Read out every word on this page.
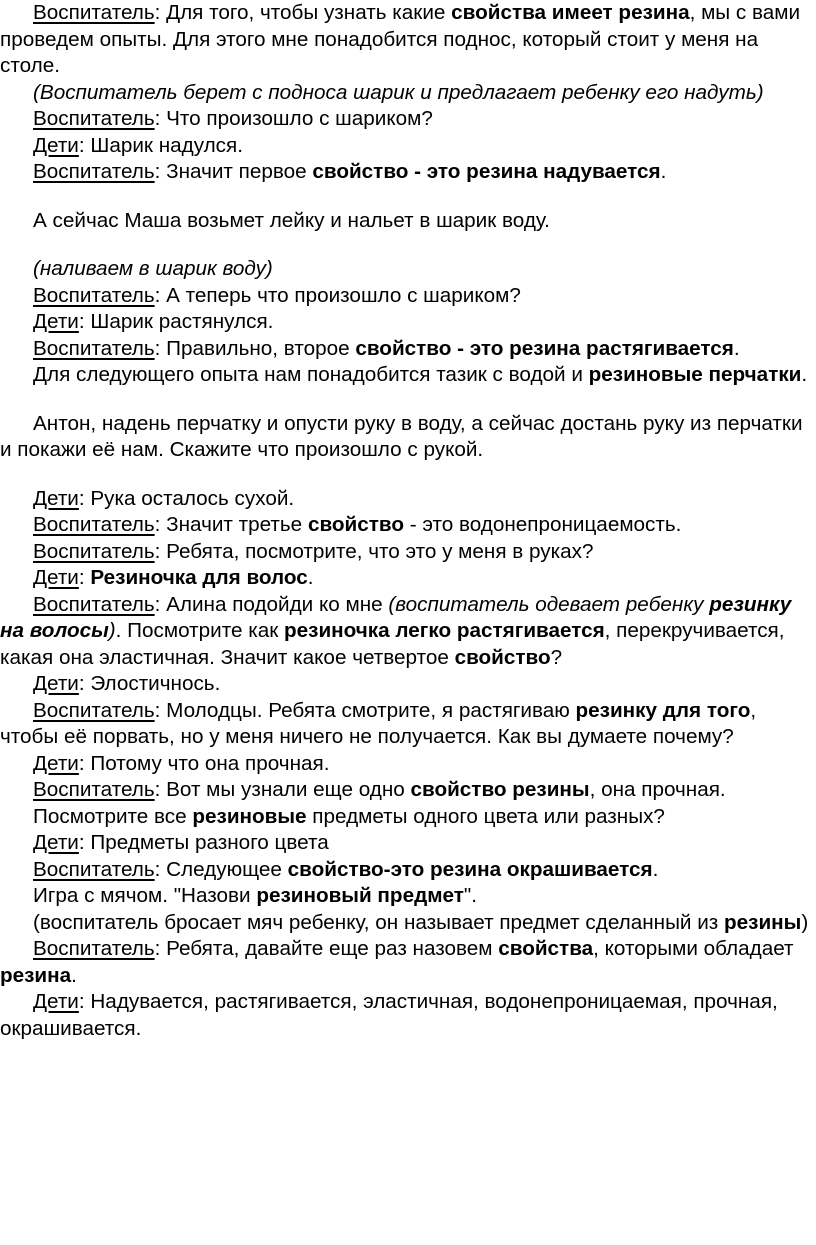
Воспитатель: Для того, чтобы узнать какие свойства имеет резина, мы с вами проведем опыты. Для этого мне понадобится поднос, который стоит у меня на столе.

(Воспитатель берет с подноса шарик и предлагает ребенку его надуть)

Воспитатель: Что произошло с шариком?

Дети: Шарик надулся.

Воспитатель: Значит первое свойство - это резина надувается.

А сейчас Маша возьмет лейку и нальет в шарик воду.

(наливаем в шарик воду)

Воспитатель: А теперь что произошло с шариком?

Дети: Шарик растянулся.

Воспитатель: Правильно, второе свойство - это резина растягивается.

Для следующего опыта нам понадобится тазик с водой и резиновые перчатки.

Антон, надень перчатку и опусти руку в воду, а сейчас достань руку из перчатки и покажи её нам. Скажите что произошло с рукой.

Дети: Рука осталось сухой.

Воспитатель: Значит третье свойство - это водонепроницаемость.

Воспитатель: Ребята, посмотрите, что это у меня в руках?

Дети: Резиночка для волос.

Воспитатель: Алина подойди ко мне (воспитатель одевает ребенку резинку на волосы). Посмотрите как резиночка легко растягивается, перекручивается, какая она эластичная. Значит какое четвертое свойство?

Дети: Элостичнось.

Воспитатель: Молодцы. Ребята смотрите, я растягиваю резинку для того, чтобы её порвать, но у меня ничего не получается. Как вы думаете почему?

Дети: Потому что она прочная.

Воспитатель: Вот мы узнали еще одно свойство резины, она прочная.

Посмотрите все резиновые предметы одного цвета или разных?

Дети: Предметы разного цвета

Воспитатель: Следующее свойство-это резина окрашивается.

Игра с мячом. "Назови резиновый предмет".

(воспитатель бросает мяч ребенку, он называет предмет сделанный из резины)

Воспитатель: Ребята, давайте еще раз назовем свойства, которыми обладает резина.

Дети: Надувается, растягивается, эластичная, водонепроницаемая, прочная, окрашивается.
